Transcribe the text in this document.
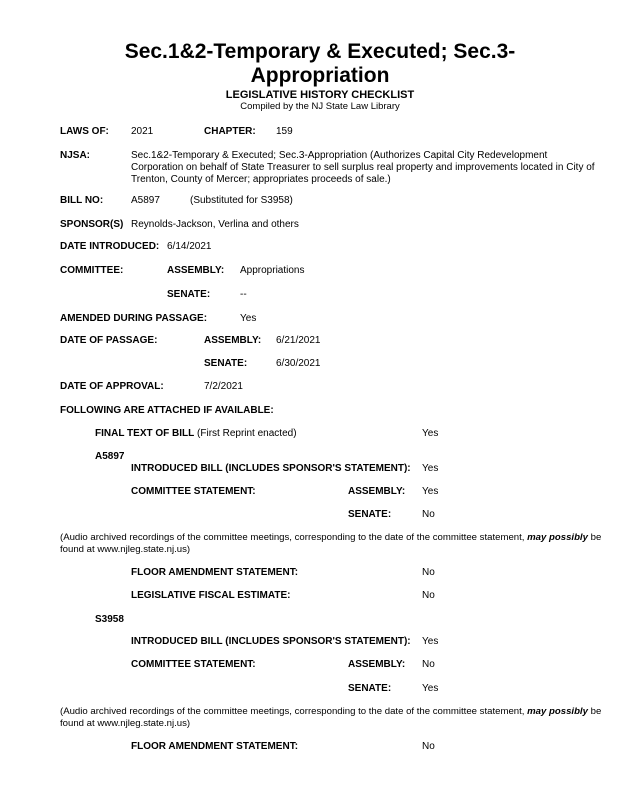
Sec.1&2-Temporary & Executed; Sec.3-Appropriation
LEGISLATIVE HISTORY CHECKLIST
Compiled by the NJ State Law Library
LAWS OF: 2021	CHAPTER: 159
NJSA:	Sec.1&2-Temporary & Executed; Sec.3-Appropriation (Authorizes Capital City Redevelopment Corporation on behalf of State Treasurer to sell surplus real property and improvements located in City of Trenton, County of Mercer; appropriates proceeds of sale.)
BILL NO:	A5897	(Substituted for S3958)
SPONSOR(S) Reynolds-Jackson, Verlina and others
DATE INTRODUCED: 6/14/2021
COMMITTEE:	ASSEMBLY: Appropriations
SENATE:	--
AMENDED DURING PASSAGE:	Yes
DATE OF PASSAGE:	ASSEMBLY: 6/21/2021
SENATE:	6/30/2021
DATE OF APPROVAL:	7/2/2021
FOLLOWING ARE ATTACHED IF AVAILABLE:
FINAL TEXT OF BILL (First Reprint enacted)	Yes
A5897
INTRODUCED BILL (INCLUDES SPONSOR'S STATEMENT): Yes
COMMITTEE STATEMENT:	ASSEMBLY: Yes
SENATE:	No
(Audio archived recordings of the committee meetings, corresponding to the date of the committee statement, may possibly be found at www.njleg.state.nj.us)
FLOOR AMENDMENT STATEMENT:	No
LEGISLATIVE FISCAL ESTIMATE:	No
S3958
INTRODUCED BILL (INCLUDES SPONSOR'S STATEMENT): Yes
COMMITTEE STATEMENT:	ASSEMBLY: No
SENATE:	Yes
(Audio archived recordings of the committee meetings, corresponding to the date of the committee statement, may possibly be found at www.njleg.state.nj.us)
FLOOR AMENDMENT STATEMENT:	No
